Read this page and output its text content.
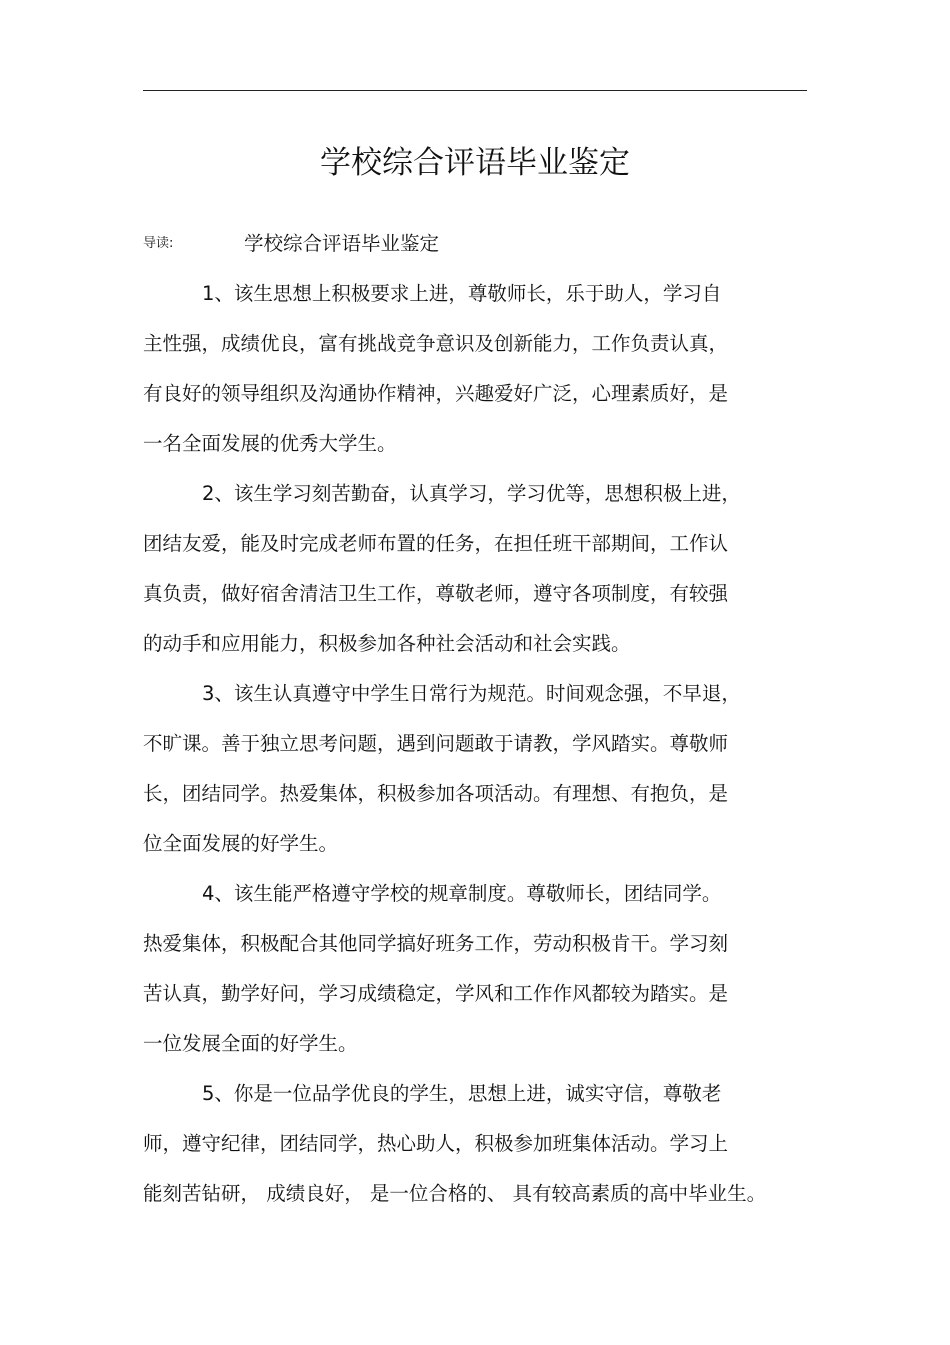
学校综合评语毕业鉴定
导读:	学校综合评语毕业鉴定
1、该生思想上积极要求上进，尊敬师长，乐于助人，学习自
主性强，成绩优良，富有挑战竞争意识及创新能力，工作负责认真，
有良好的领导组织及沟通协作精神，兴趣爱好广泛，心理素质好，是
一名全面发展的优秀大学生。
2、该生学习刻苦勤奋，认真学习，学习优等，思想积极上进，
团结友爱，能及时完成老师布置的任务，在担任班干部期间，工作认
真负责，做好宿舍清洁卫生工作，尊敬老师，遵守各项制度，有较强
的动手和应用能力，积极参加各种社会活动和社会实践。
3、该生认真遵守中学生日常行为规范。时间观念强，不早退，
不旷课。善于独立思考问题，遇到问题敢于请教，学风踏实。尊敬师
长，团结同学。热爱集体，积极参加各项活动。有理想、有抱负，是
位全面发展的好学生。
4、该生能严格遵守学校的规章制度。尊敬师长，团结同学。
热爱集体，积极配合其他同学搞好班务工作，劳动积极肯干。学习刻
苦认真，勤学好问，学习成绩稳定，学风和工作作风都较为踏实。是
一位发展全面的好学生。
5、你是一位品学优良的学生，思想上进，诚实守信，尊敬老
师，遵守纪律，团结同学，热心助人，积极参加班集体活动。学习上
能刻苦钻研， 成绩良好， 是一位合格的、 具有较高素质的高中毕业生。
